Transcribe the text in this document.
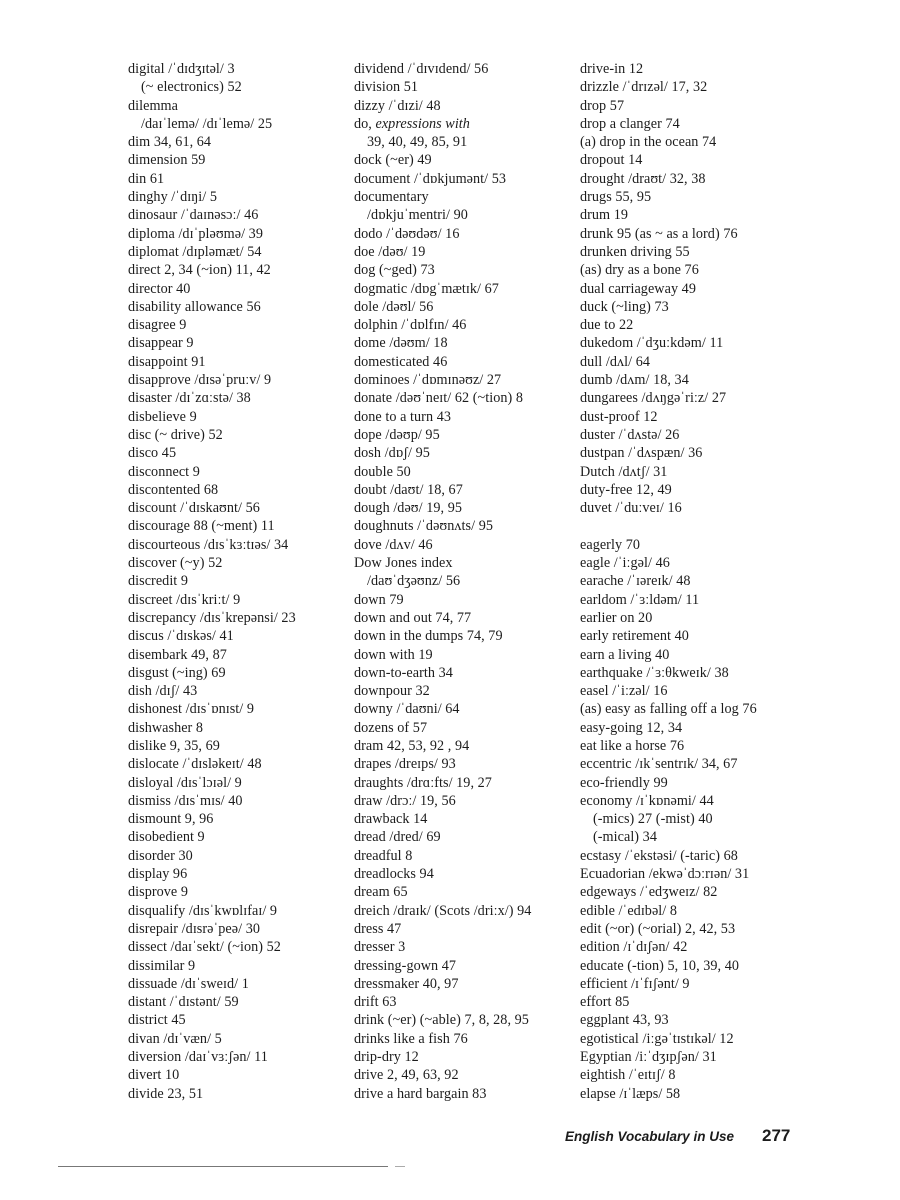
digital /ˈdɪdʒɪtəl/ 3
(~ electronics) 52
dilemma
/daɪˈlemə/ /dɪˈlemə/ 25
dim 34, 61, 64
dimension 59
din 61
dinghy /ˈdɪŋi/ 5
dinosaur /ˈdaɪnəsɔː/ 46
diploma /dɪˈpləʊmə/ 39
diplomat /dɪpləmæt/ 54
direct 2, 34 (~ion) 11, 42
director 40
disability allowance 56
disagree 9
disappear 9
disappoint 91
disapprove /dɪsəˈpruːv/ 9
disaster /dɪˈzɑːstə/ 38
disbelieve 9
disc (~ drive) 52
disco 45
disconnect 9
discontented 68
discount /ˈdɪskaʊnt/ 56
discourage 88 (~ment) 11
discourteous /dɪsˈkɜːtɪəs/ 34
discover (~y) 52
discredit 9
discreet /dɪsˈkriːt/ 9
discrepancy /dɪsˈkrepənsi/ 23
discus /ˈdɪskəs/ 41
disembark 49, 87
disgust (~ing) 69
dish /dɪʃ/ 43
dishonest /dɪsˈɒnɪst/ 9
dishwasher 8
dislike 9, 35, 69
dislocate /ˈdɪsləkeɪt/ 48
disloyal /dɪsˈlɔɪəl/ 9
dismiss /dɪsˈmɪs/ 40
dismount 9, 96
disobedient 9
disorder 30
display 96
disprove 9
disqualify /dɪsˈkwɒlɪfaɪ/ 9
disrepair /dɪsrəˈpeə/ 30
dissect /daɪˈsekt/ (~ion) 52
dissimilar 9
dissuade /dɪˈsweɪd/ 1
distant /ˈdɪstənt/ 59
district 45
divan /dɪˈvæn/ 5
diversion /daɪˈvɜːʃən/ 11
divert 10
divide 23, 51
dividend /ˈdɪvɪdend/ 56
division 51
dizzy /ˈdɪzi/ 48
do, expressions with
39, 40, 49, 85, 91
dock (~er) 49
document /ˈdɒkjumənt/ 53
documentary
/dɒkjuˈmentri/ 90
dodo /ˈdəʊdəʊ/ 16
doe /dəʊ/ 19
dog (~ged) 73
dogmatic /dɒgˈmætɪk/ 67
dole /dəʊl/ 56
dolphin /ˈdɒlfɪn/ 46
dome /dəʊm/ 18
domesticated 46
dominoes /ˈdɒmɪnəʊz/ 27
donate /dəʊˈneɪt/ 62 (~tion) 8
done to a turn 43
dope /dəʊp/ 95
dosh /dɒʃ/ 95
double 50
doubt /daʊt/ 18, 67
dough /dəʊ/ 19, 95
doughnuts /ˈdəʊnʌts/ 95
dove /dʌv/ 46
Dow Jones index
/daʊˈdʒəʊnz/ 56
down 79
down and out 74, 77
down in the dumps 74, 79
down with 19
down-to-earth 34
downpour 32
downy /ˈdaʊni/ 64
dozens of 57
dram 42, 53, 92 , 94
drapes /dreɪps/ 93
draughts /drɑːfts/ 19, 27
draw /drɔː/ 19, 56
drawback 14
dread /dred/ 69
dreadful 8
dreadlocks 94
dream 65
dreich /draɪk/ (Scots /driːx/) 94
dress 47
dresser 3
dressing-gown 47
dressmaker 40, 97
drift 63
drink (~er) (~able) 7, 8, 28, 95
drinks like a fish 76
drip-dry 12
drive 2, 49, 63, 92
drive a hard bargain 83
drive-in 12
drizzle /ˈdrɪzəl/ 17, 32
drop 57
drop a clanger 74
(a) drop in the ocean 74
dropout 14
drought /draʊt/ 32, 38
drugs 55, 95
drum 19
drunk 95 (as ~ as a lord) 76
drunken driving 55
(as) dry as a bone 76
dual carriageway 49
duck (~ling) 73
due to 22
dukedom /ˈdʒuːkdəm/ 11
dull /dʌl/ 64
dumb /dʌm/ 18, 34
dungarees /dʌŋgəˈriːz/ 27
dust-proof 12
duster /ˈdʌstə/ 26
dustpan /ˈdʌspæn/ 36
Dutch /dʌtʃ/ 31
duty-free 12, 49
duvet /ˈduːveɪ/ 16
eagerly 70
eagle /ˈiːgəl/ 46
earache /ˈɪəreɪk/ 48
earldom /ˈɜːldəm/ 11
earlier on 20
early retirement 40
earn a living 40
earthquake /ˈɜːθkweɪk/ 38
easel /ˈiːzəl/ 16
(as) easy as falling off a log 76
easy-going 12, 34
eat like a horse 76
eccentric /ɪkˈsentrɪk/ 34, 67
eco-friendly 99
economy /ɪˈkɒnəmi/ 44
(-mics) 27 (-mist) 40
(-mical) 34
ecstasy /ˈekstəsi/ (-taric) 68
Ecuadorian /ekwəˈdɔːrɪən/ 31
edgeways /ˈedʒweɪz/ 82
edible /ˈedɪbəl/ 8
edit (~or) (~orial) 2, 42, 53
edition /ɪˈdɪʃən/ 42
educate (-tion) 5, 10, 39, 40
efficient /ɪˈfɪʃənt/ 9
effort 85
eggplant 43, 93
egotistical /iːgəˈtɪstɪkəl/ 12
Egyptian /iːˈdʒɪpʃən/ 31
eightish /ˈeɪtɪʃ/ 8
elapse /ɪˈlæps/ 58
English Vocabulary in Use 277
